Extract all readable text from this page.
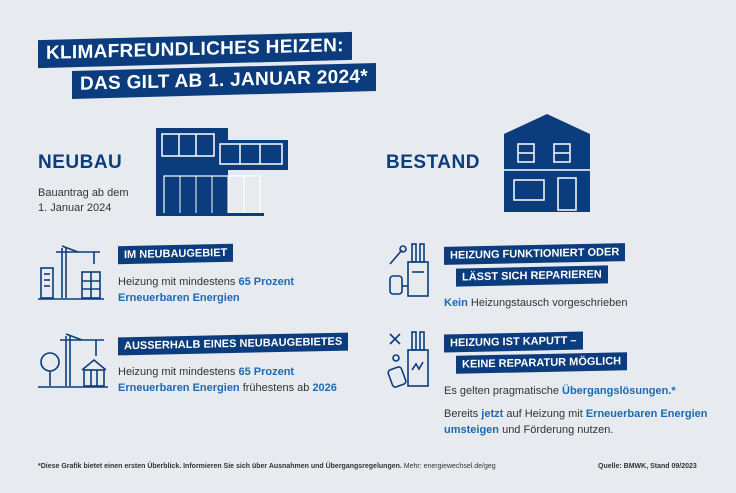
KLIMAFREUNDLICHES HEIZEN:
DAS GILT AB 1. JANUAR 2024*
NEUBAU
Bauantrag ab dem
1. Januar 2024
IM NEUBAUGEBIET
Heizung mit mindestens 65 Prozent
Erneuerbaren Energien
AUSSERHALB EINES NEUBAUGEBIETES
Heizung mit mindestens 65 Prozent
Erneuerbaren Energien frühestens ab 2026
BESTAND
HEIZUNG FUNKTIONIERT ODER
LÄSST SICH REPARIEREN
Kein Heizungstausch vorgeschrieben
HEIZUNG IST KAPUTT –
KEINE REPARATUR MÖGLICH
Es gelten pragmatische Übergangslösungen.*
Bereits jetzt auf Heizung mit Erneuerbaren Energien
umsteigen und Förderung nutzen.
*Diese Grafik bietet einen ersten Überblick. Informieren Sie sich über Ausnahmen und Übergangsregelungen. Mehr: energiewechsel.de/geg	Quelle: BMWK, Stand 09/2023
